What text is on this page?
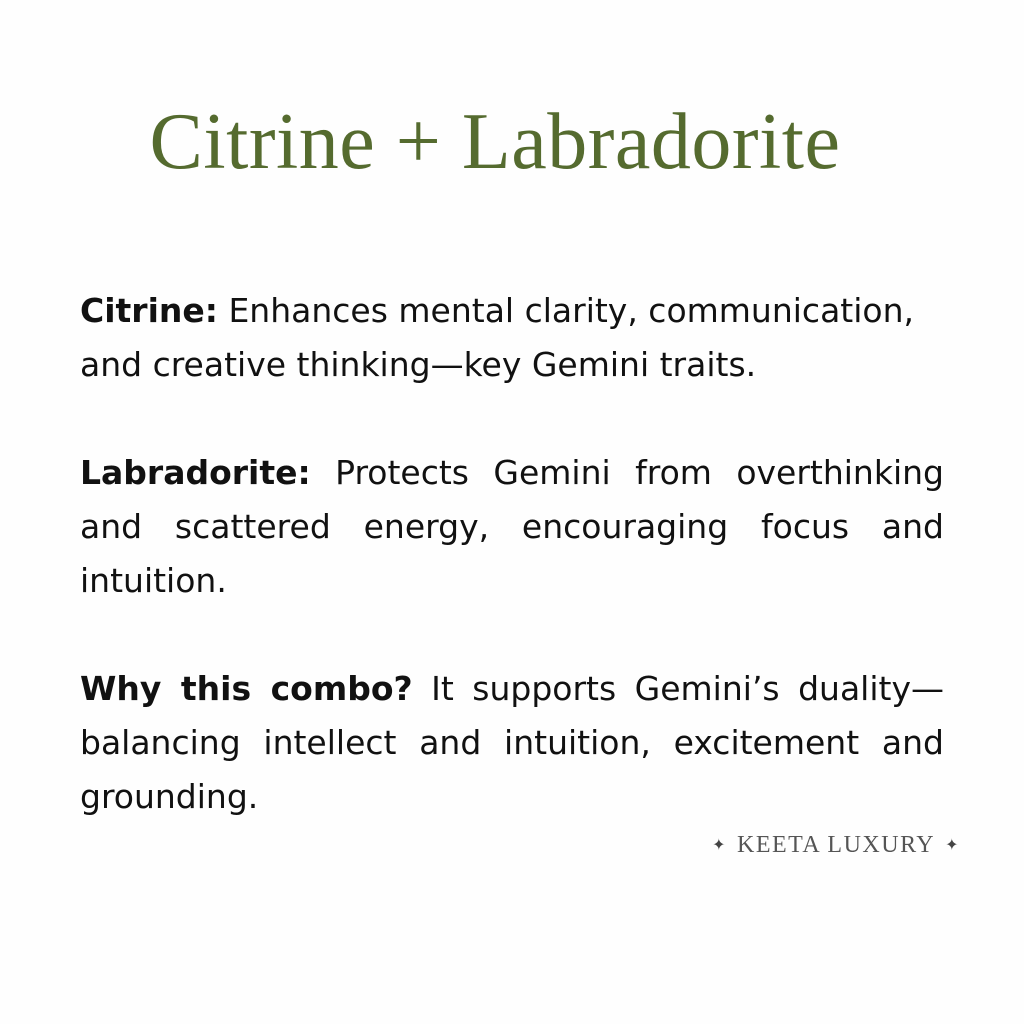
Citrine + Labradorite

Citrine: Enhances mental clarity, communication, and creative thinking—key Gemini traits.

Labradorite: Protects Gemini from overthinking and scattered energy, encouraging focus and intuition.

Why this combo? It supports Gemini’s duality—balancing intellect and intuition, excitement and grounding.

✦ KEETA LUXURY ✦
